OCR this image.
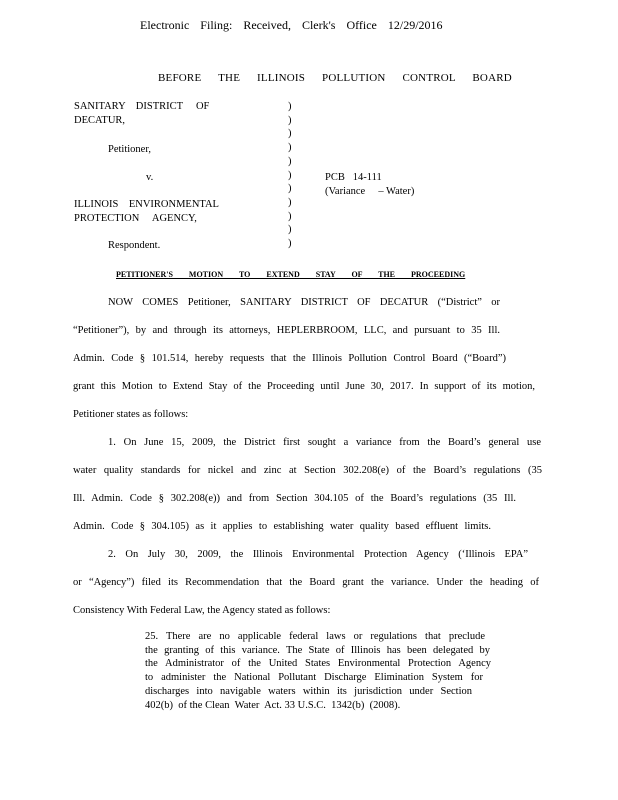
Electronic Filing: Received, Clerk's Office 12/29/2016
BEFORE THE ILLINOIS POLLUTION CONTROL BOARD
SANITARY    DISTRICT     OF
DECATUR,
Petitioner,
v.
ILLINOIS    ENVIRONMENTAL
PROTECTION     AGENCY,
Respondent.
)
)
)
)
)
)
)
)
)
)
)
PCB   14-111
(Variance     – Water)
PETITIONER'S MOTION TO EXTEND STAY OF THE PROCEEDING
NOW COMES Petitioner, SANITARY DISTRICT OF DECATUR (“District” or
“Petitioner”), by and through its attorneys, HEPLERBROOM, LLC, and pursuant to 35 Ill.
Admin. Code § 101.514, hereby requests that the Illinois Pollution Control Board (“Board”)
grant this Motion to Extend Stay of the Proceeding until June 30, 2017. In support of its motion,
Petitioner states as follows:
1. On June 15, 2009, the District first sought a variance from the Board’s general use
water quality standards for nickel and zinc at Section 302.208(e) of the Board’s regulations (35
Ill. Admin. Code § 302.208(e)) and from Section 304.105 of the Board’s regulations (35 Ill.
Admin. Code § 304.105) as it applies to establishing water quality based effluent limits.
2. On July 30, 2009, the Illinois Environmental Protection Agency (‘Illinois EPA”
or “Agency”) filed its Recommendation that the Board grant the variance. Under the heading of
Consistency With Federal Law, the Agency stated as follows:
25. There are no applicable federal laws or regulations that preclude
the granting of this variance. The State of Illinois has been delegated by
the Administrator of the United States Environmental Protection Agency
to administer the National Pollutant Discharge Elimination System for
discharges into navigable waters within its jurisdiction under Section
402(b)  of the Clean  Water  Act. 33 U.S.C.  1342(b)  (2008).
